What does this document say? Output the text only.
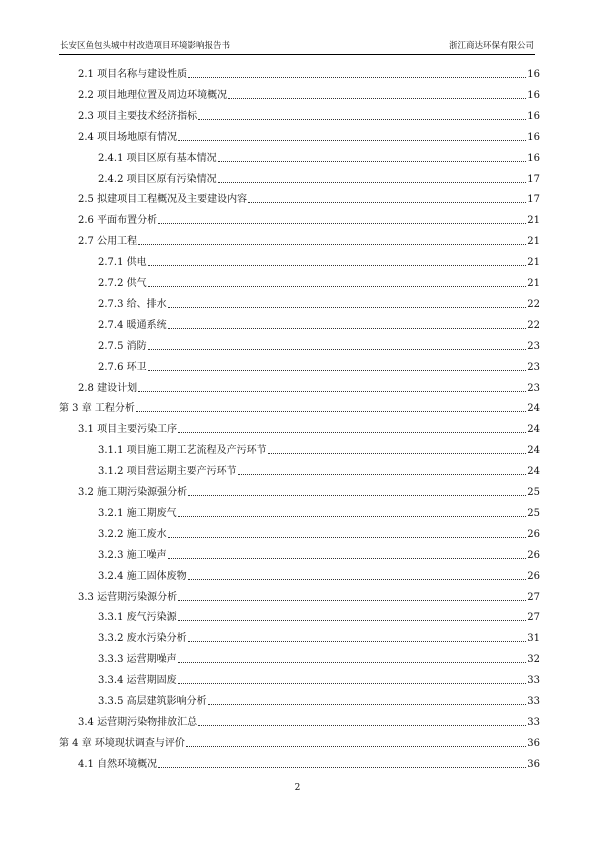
长安区鱼包头城中村改造项目环境影响报告书	浙江商达环保有限公司
2.1 项目名称与建设性质	16
2.2 项目地理位置及周边环境概况	16
2.3 项目主要技术经济指标	16
2.4 项目场地原有情况	16
2.4.1 项目区原有基本情况	16
2.4.2 项目区原有污染情况	17
2.5 拟建项目工程概况及主要建设内容	17
2.6 平面布置分析	21
2.7 公用工程	21
2.7.1 供电	21
2.7.2 供气	21
2.7.3 给、排水	22
2.7.4 暖通系统	22
2.7.5 消防	23
2.7.6 环卫	23
2.8 建设计划	23
第 3 章 工程分析	24
3.1 项目主要污染工序	24
3.1.1 项目施工期工艺流程及产污环节	24
3.1.2 项目营运期主要产污环节	24
3.2 施工期污染源强分析	25
3.2.1 施工期废气	25
3.2.2 施工废水	26
3.2.3 施工噪声	26
3.2.4 施工固体废物	26
3.3 运营期污染源分析	27
3.3.1 废气污染源	27
3.3.2 废水污染分析	31
3.3.3 运营期噪声	32
3.3.4 运营期固废	33
3.3.5 高层建筑影响分析	33
3.4 运营期污染物排放汇总	33
第 4 章 环境现状调查与评价	36
4.1 自然环境概况	36
2
